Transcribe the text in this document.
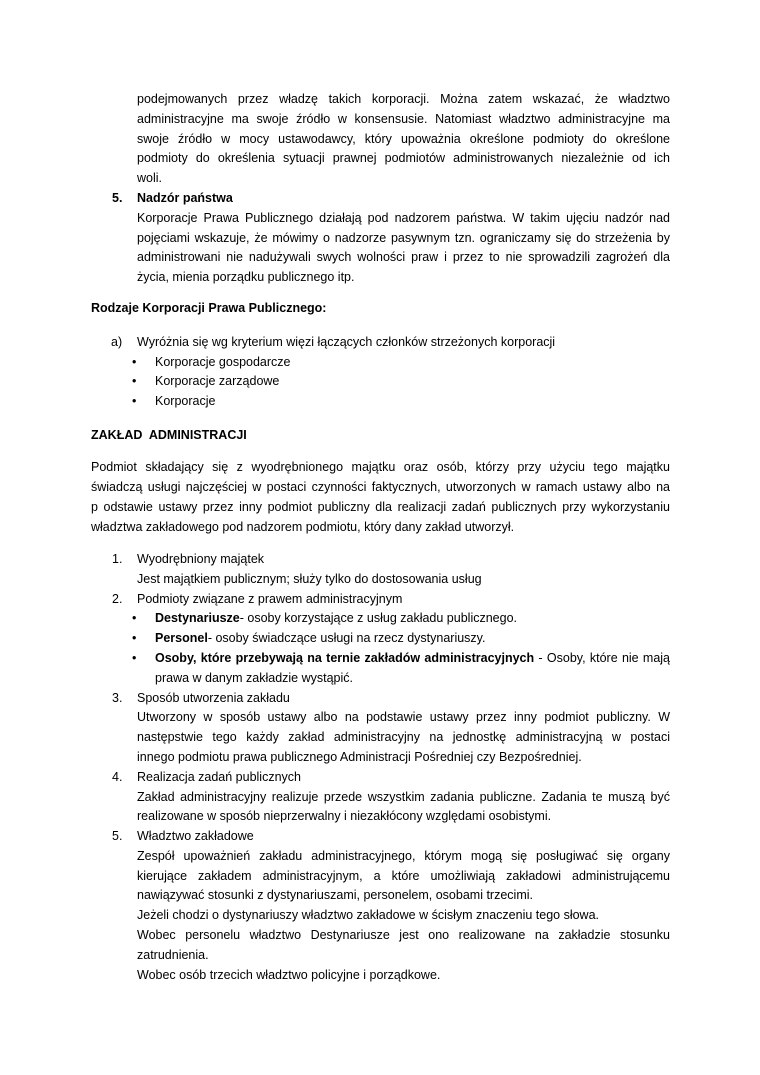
podejmowanych przez władzę takich korporacji. Można zatem wskazać, że władztwo
administracyjne ma swoje źródło w konsensusie. Natomiast władztwo administracyjne ma
swoje źródło w mocy ustawodawcy, który upoważnia określone podmioty do określone
podmioty do określenia sytuacji prawnej podmiotów administrowanych niezależnie od ich
woli.
5. Nadzór państwa
Korporacje Prawa Publicznego działają pod nadzorem państwa. W takim ujęciu nadzór nad
pojęciami wskazuje, że mówimy o nadzorze pasywnym tzn. ograniczamy się do strzeżenia by
administrowani nie nadużywali swych wolności praw i przez to nie sprowadzili zagrożeń dla
życia, mienia porządku publicznego itp.
Rodzaje Korporacji Prawa Publicznego:
a) Wyróżnia się wg kryterium więzi łączących członków strzeżonych korporacji
•
Korporacje gospodarcze
•
Korporacje zarządowe
•
Korporacje
ZAKŁAD  ADMINISTRACJI
Podmiot składający się z wyodrębnionego majątku oraz osób, którzy przy użyciu tego majątku
świadczą usługi najczęściej w postaci czynności faktycznych, utworzonych w ramach ustawy albo na
p odstawie ustawy przez inny podmiot publiczny dla realizacji zadań publicznych przy wykorzystaniu
władztwa zakładowego pod nadzorem podmiotu, który dany zakład utworzył.
1. Wyodrębniony majątek
Jest majątkiem publicznym; służy tylko do dostosowania usług
2. Podmioty związane z prawem administracyjnym
•
Destynariusze- osoby korzystające z usług zakładu publicznego.
•
Personel- osoby świadczące usługi na rzecz dystynariuszy.
•
Osoby, które przebywają na ternie zakładów administracyjnych - Osoby, które nie mają
prawa w danym zakładzie wystąpić.
3. Sposób utworzenia zakładu
Utworzony w sposób ustawy albo na podstawie ustawy przez inny podmiot publiczny. W
następstwie tego każdy zakład administracyjny na jednostkę administracyjną w postaci
innego podmiotu prawa publicznego Administracji Pośredniej czy Bezpośredniej.
4. Realizacja zadań publicznych
Zakład administracyjny realizuje przede wszystkim zadania publiczne. Zadania te muszą być
realizowane w sposób nieprzerwalny i niezakłócony względami osobistymi.
5. Władztwo zakładowe
Zespół upoważnień zakładu administracyjnego, którym mogą się posługiwać się organy
kierujące zakładem administracyjnym, a które umożliwiają zakładowi administrującemu
nawiązywać stosunki z dystynariuszami, personelem, osobami trzecimi.
Jeżeli chodzi o dystynariuszy władztwo zakładowe w ścisłym znaczeniu tego słowa.
Wobec personelu władztwo Destynariusze jest ono realizowane na zakładzie stosunku
zatrudnienia.
Wobec osób trzecich władztwo policyjne i porządkowe.
